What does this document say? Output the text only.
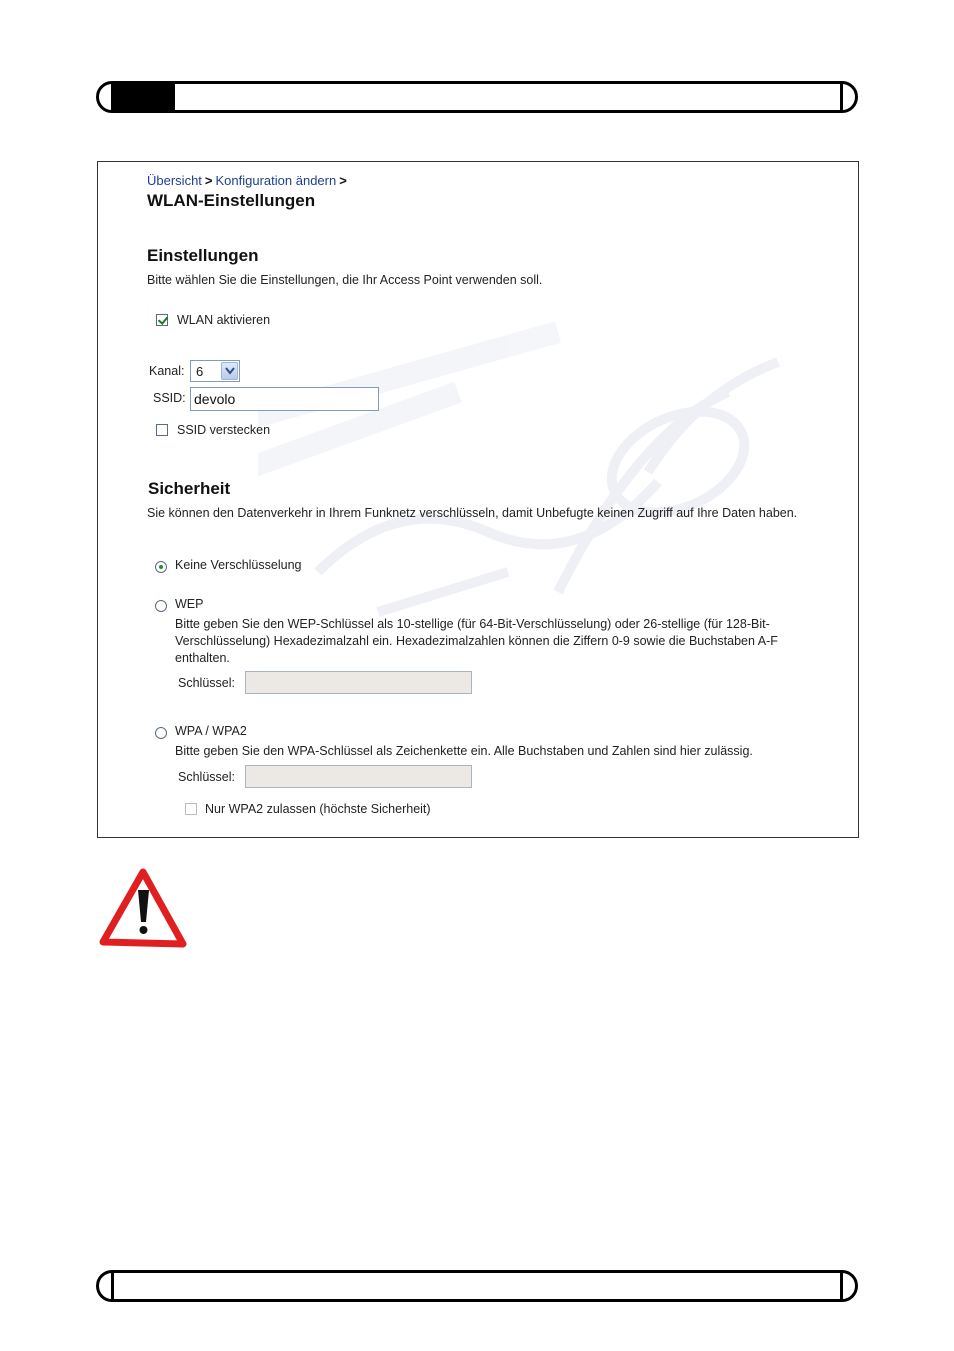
Übersicht > Konfiguration ändern >
WLAN-Einstellungen
Einstellungen
Bitte wählen Sie die Einstellungen, die Ihr Access Point verwenden soll.
WLAN aktivieren
Kanal: 6
SSID:
devolo
SSID verstecken
Sicherheit
Sie können den Datenverkehr in Ihrem Funknetz verschlüsseln, damit Unbefugte keinen Zugriff auf Ihre Daten haben.
Keine Verschlüsselung
WEP
Bitte geben Sie den WEP-Schlüssel als 10-stellige (für 64-Bit-Verschlüsselung) oder 26-stellige (für 128-Bit-Verschlüsselung) Hexadezimalzahl ein. Hexadezimalzahlen können die Ziffern 0-9 sowie die Buchstaben A-F enthalten.
Schlüssel:
WPA / WPA2
Bitte geben Sie den WPA-Schlüssel als Zeichenkette ein. Alle Buchstaben und Zahlen sind hier zulässig.
Schlüssel:
Nur WPA2 zulassen (höchste Sicherheit)
